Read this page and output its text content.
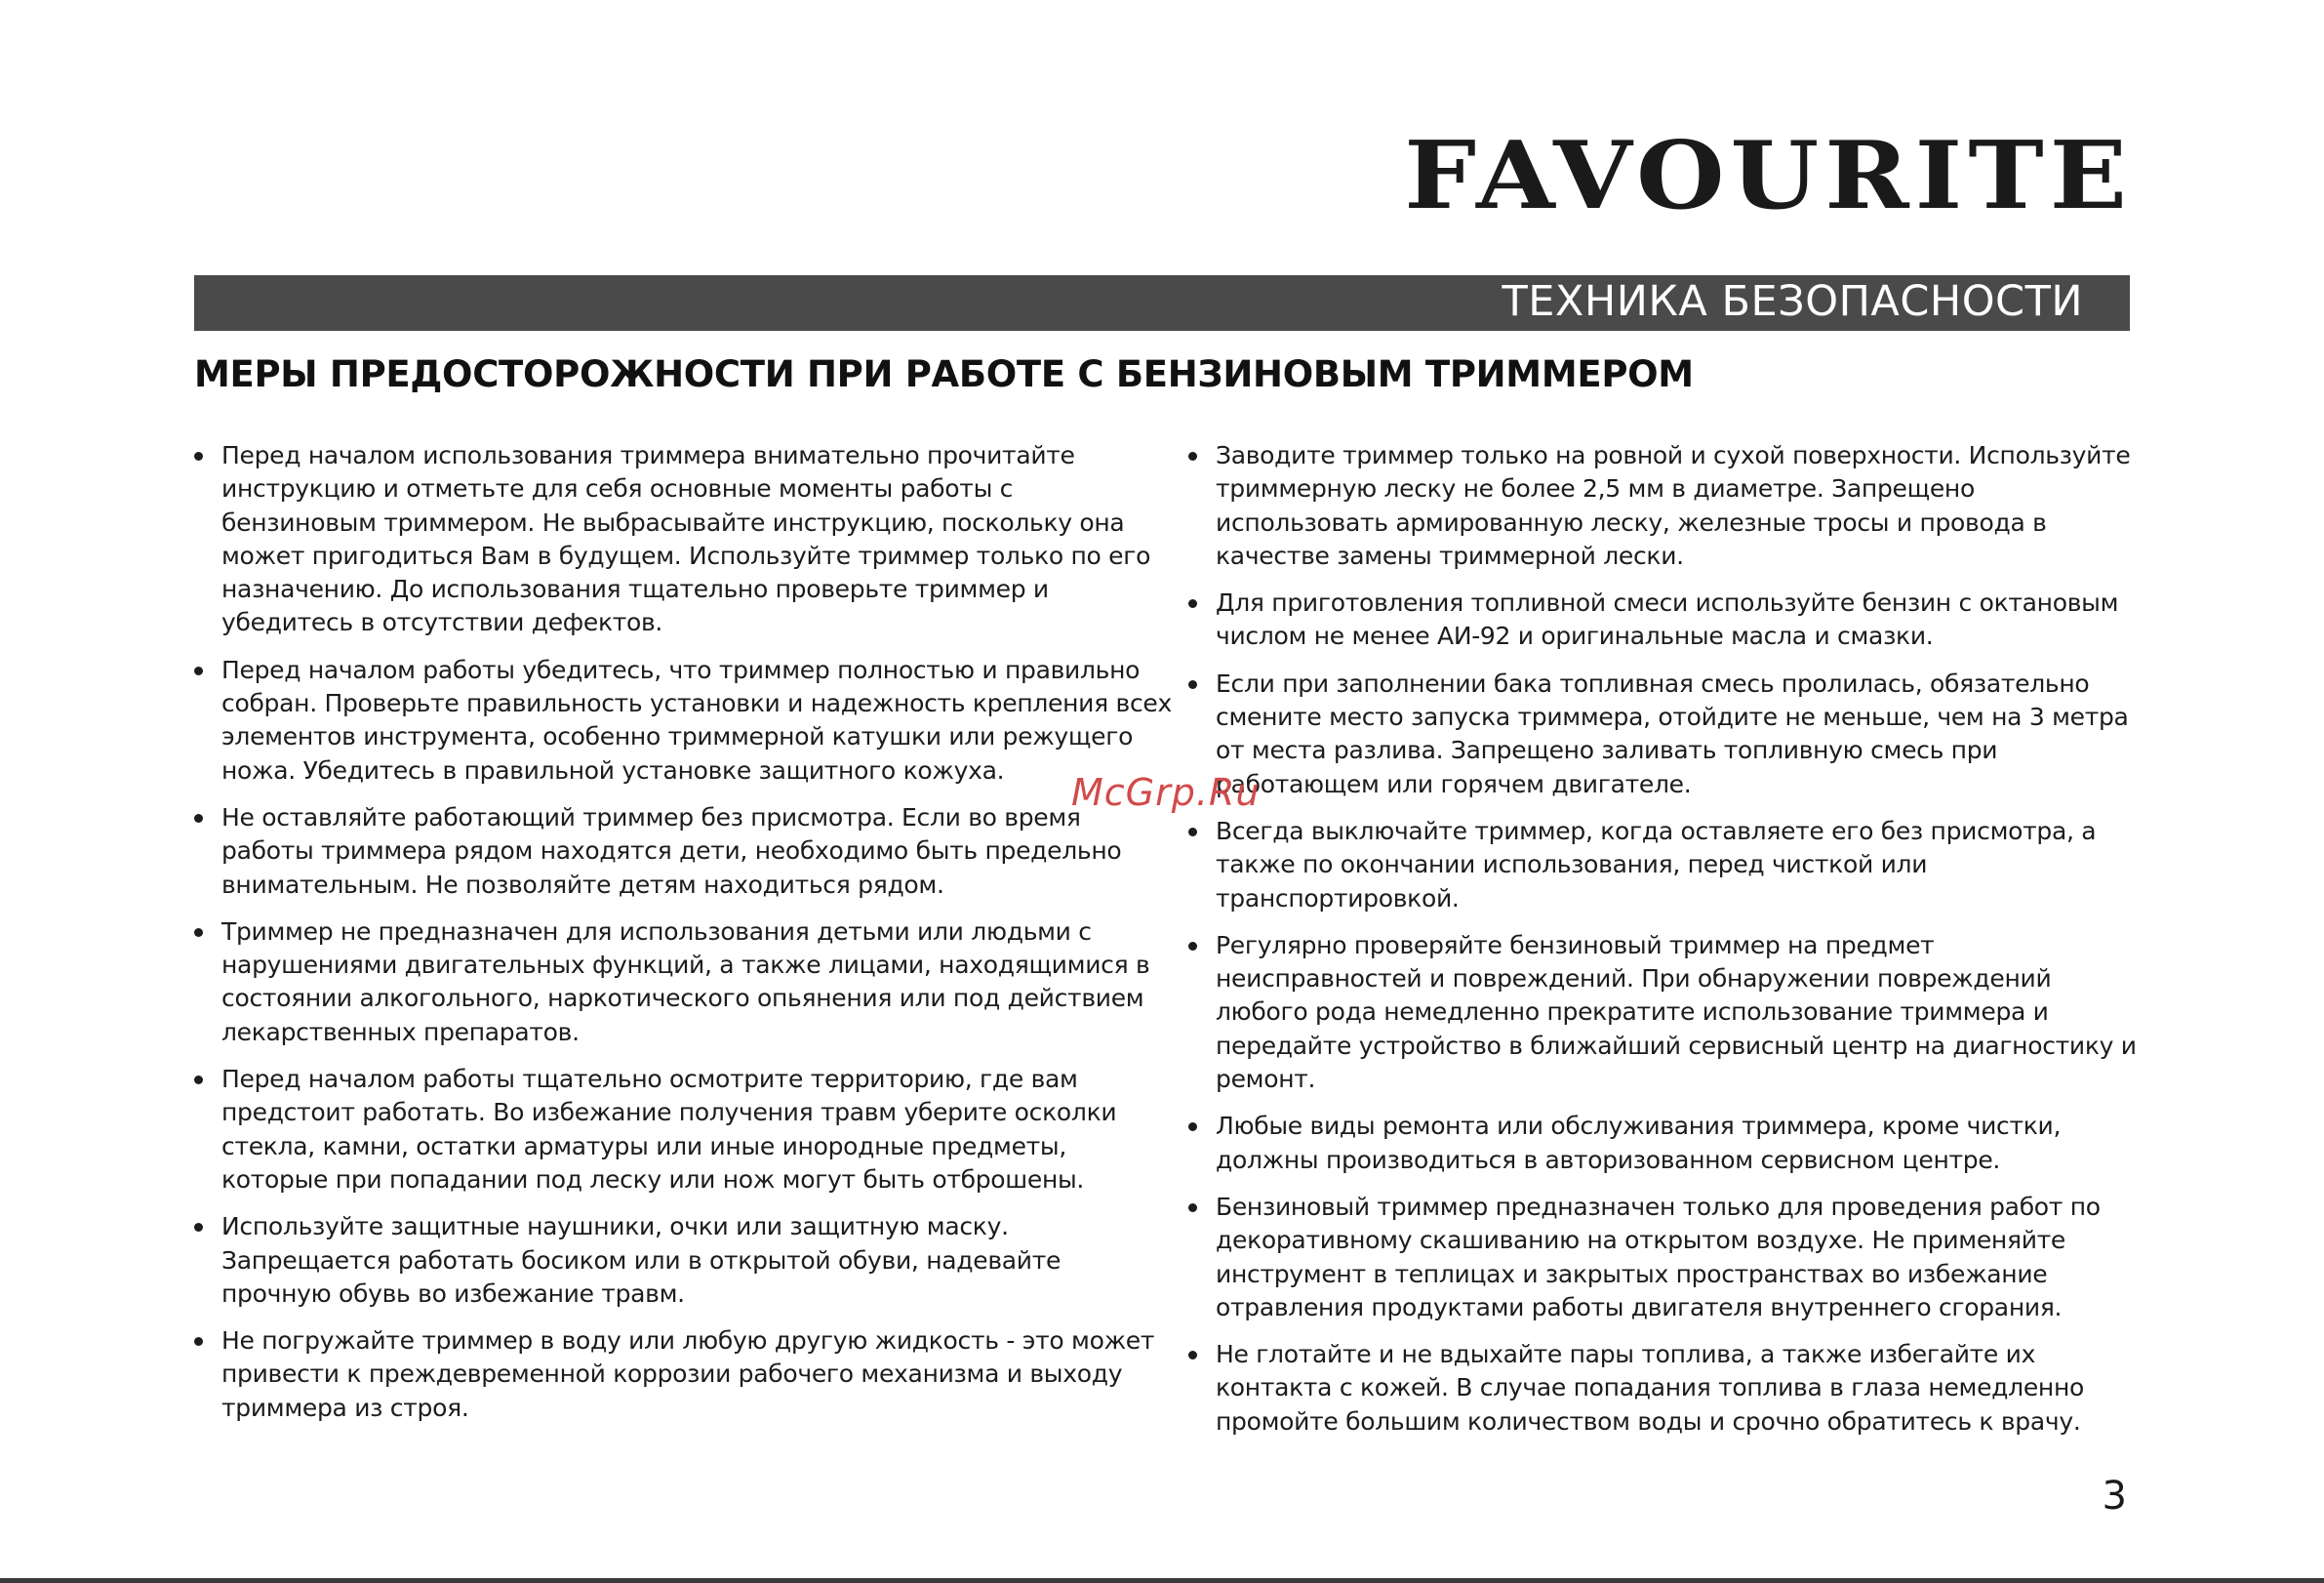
FAVOURITE
ТЕХНИКА БЕЗОПАСНОСТИ
МЕРЫ ПРЕДОСТОРОЖНОСТИ ПРИ РАБОТЕ С БЕНЗИНОВЫМ ТРИММЕРОМ
Перед началом использования триммера внимательно прочитайте инструкцию и отметьте для себя основные моменты работы с бензиновым триммером. Не выбрасывайте инструкцию, поскольку она может пригодиться Вам в будущем. Используйте триммер только по его назначению. До использования тщательно проверьте триммер и убедитесь в отсутствии дефектов.
Перед началом работы убедитесь, что триммер полностью и правильно собран. Проверьте правильность установки и надежность крепления всех элементов инструмента, особенно триммерной катушки или режущего ножа. Убедитесь в правильной установке защитного кожуха.
Не оставляйте работающий триммер без присмотра. Если во время работы триммера рядом находятся дети, необходимо быть предельно внимательным. Не позволяйте детям находиться рядом.
Триммер не предназначен для использования детьми или людьми с нарушениями двигательных функций, а также лицами, находящимися в состоянии алкогольного, наркотического опьянения или под действием лекарственных препаратов.
Перед началом работы тщательно осмотрите территорию, где вам предстоит работать. Во избежание получения травм уберите осколки стекла, камни, остатки арматуры или иные инородные предметы, которые при попадании под леску или нож могут быть отброшены.
Используйте защитные наушники, очки или защитную маску. Запрещается работать босиком или в открытой обуви, надевайте прочную обувь во избежание травм.
Не погружайте триммер в воду или любую другую жидкость - это может привести к преждевременной коррозии рабочего механизма и выходу триммера из строя.
Заводите триммер только на ровной и сухой поверхности. Используйте триммерную леску не более 2,5 мм в диаметре. Запрещено использовать армированную леску, железные тросы и провода в качестве замены триммерной лески.
Для приготовления топливной смеси используйте бензин с октановым числом не менее АИ-92 и оригинальные масла и смазки.
Если при заполнении бака топливная смесь пролилась, обязательно смените место запуска триммера, отойдите не меньше, чем на 3 метра от места разлива. Запрещено заливать топливную смесь при работающем или горячем двигателе.
Всегда выключайте триммер, когда оставляете его без присмотра, а также по окончании использования, перед чисткой или транспортировкой.
Регулярно проверяйте бензиновый триммер на предмет неисправностей и повреждений. При обнаружении повреждений любого рода немедленно прекратите использование триммера и передайте устройство в ближайший сервисный центр на диагностику и ремонт.
Любые виды ремонта или обслуживания триммера, кроме чистки, должны производиться в авторизованном сервисном центре.
Бензиновый триммер предназначен только для проведения работ по декоративному скашиванию на открытом воздухе. Не применяйте инструмент в теплицах и закрытых пространствах во избежание отравления продуктами работы двигателя внутреннего сгорания.
Не глотайте и не вдыхайте пары топлива, а также избегайте их контакта с кожей. В случае попадания топлива в глаза немедленно промойте большим количеством воды и срочно обратитесь к врачу.
McGrp.Ru
3
